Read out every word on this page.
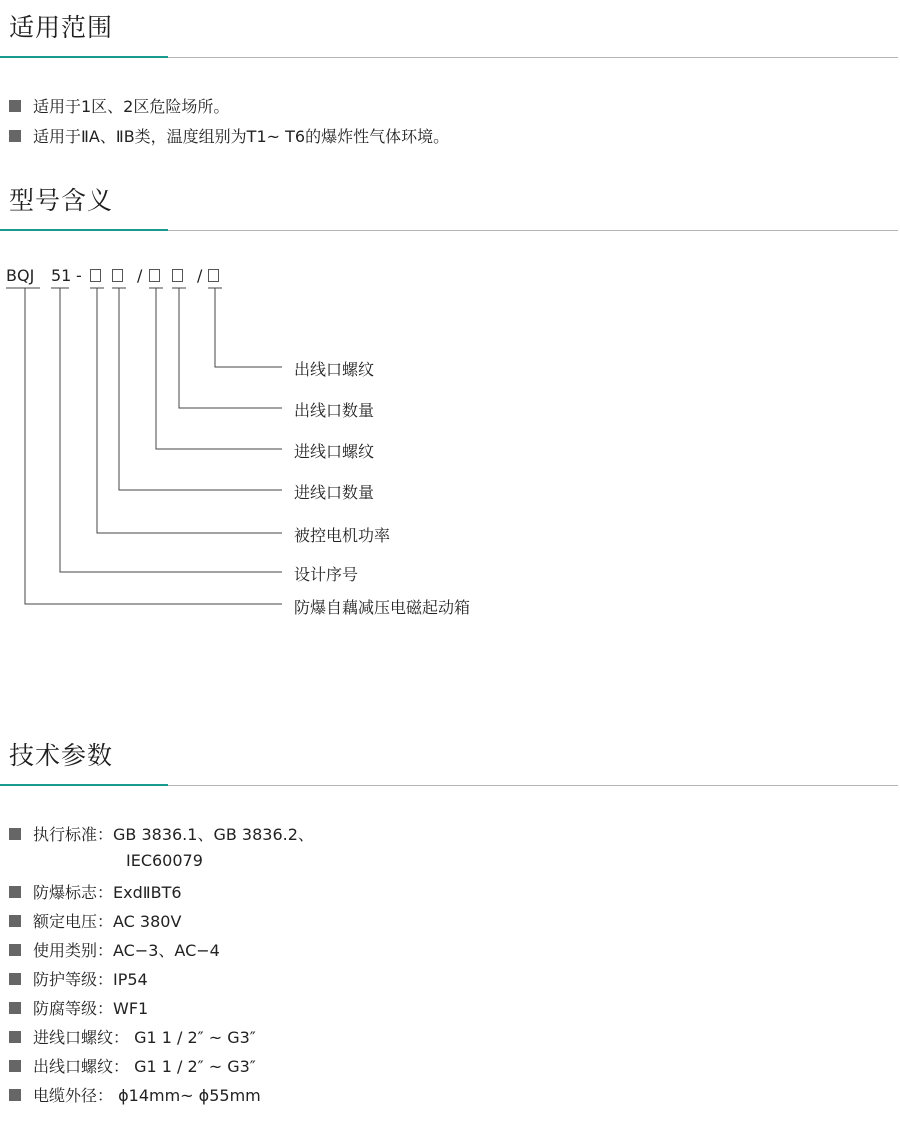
适用范围
适用于1区、2区危险场所。
适用于ⅡA、ⅡB类，温度组别为T1~ T6的爆炸性气体环境。
型号含义
BQJ 51 -	/	/
出线口螺纹
出线口数量
进线口螺纹
进线口数量
被控电机功率
设计序号
防爆自藕减压电磁起动箱
技术参数
执行标准：GB 3836.1、GB 3836.2、
IEC60079
防爆标志：ExdⅡBT6
额定电压：AC 380V
使用类别：AC−3、AC−4
防护等级：IP54
防腐等级：WF1
进线口螺纹： G1 1 / 2″ ~ G3″
出线口螺纹： G1 1 / 2″ ~ G3″
电缆外径： ϕ14mm~ ϕ55mm
